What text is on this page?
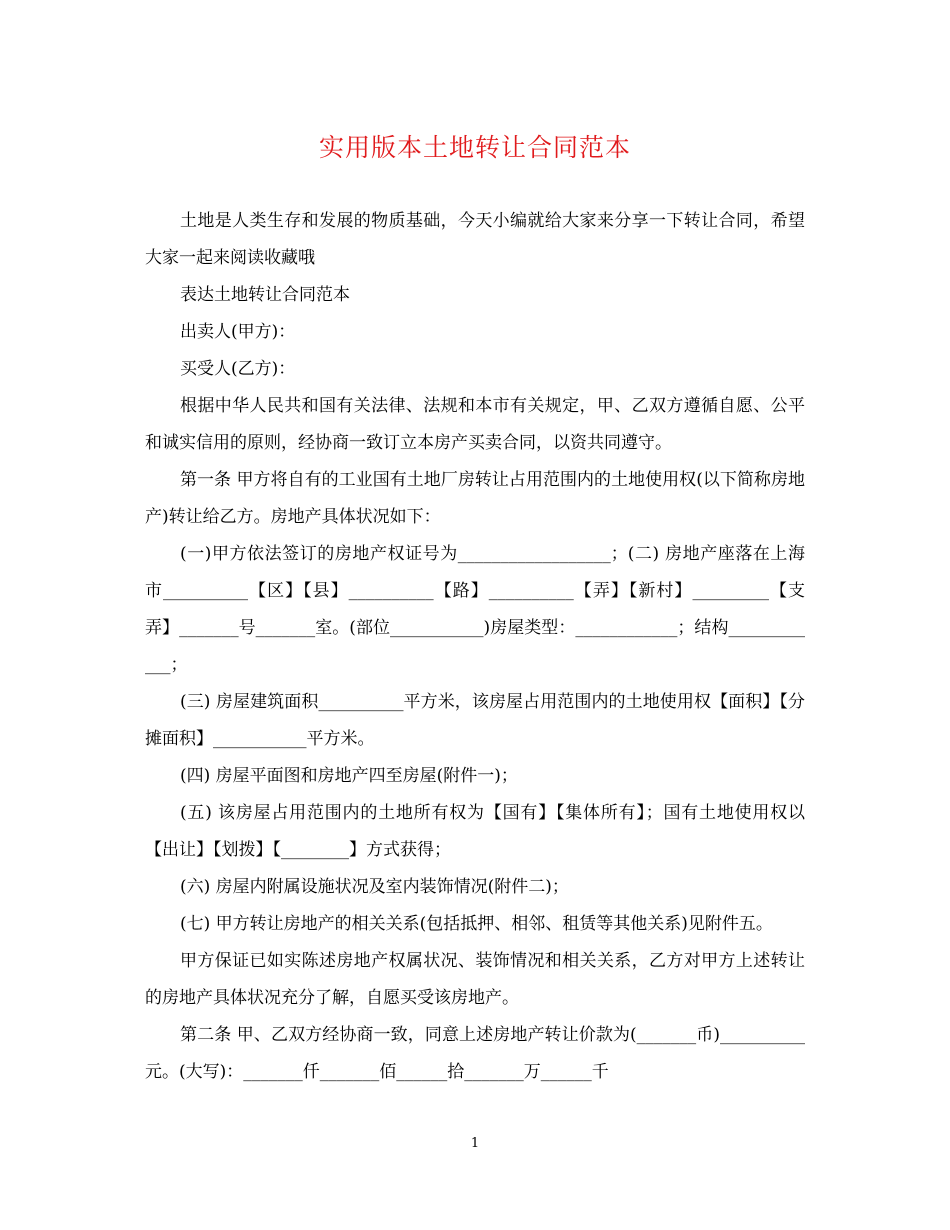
实用版本土地转让合同范本

土地是人类生存和发展的物质基础，今天小编就给大家来分享一下转让合同，希望大家一起来阅读收藏哦

表达土地转让合同范本

出卖人(甲方)：

买受人(乙方)：

根据中华人民共和国有关法律、法规和本市有关规定，甲、乙双方遵循自愿、公平和诚实信用的原则，经协商一致订立本房产买卖合同，以资共同遵守。

第一条 甲方将自有的工业国有土地厂房转让占用范围内的土地使用权(以下简称房地产)转让给乙方。房地产具体状况如下：

(一)甲方依法签订的房地产权证号为__________________；(二) 房地产座落在上海市__________【区】【县】__________【路】__________【弄】【新村】_________【支弄】_______号_______室。(部位___________)房屋类型：____________；结构____________；

(三) 房屋建筑面积__________平方米，该房屋占用范围内的土地使用权【面积】【分摊面积】___________平方米。

(四) 房屋平面图和房地产四至房屋(附件一)；

(五) 该房屋占用范围内的土地所有权为【国有】【集体所有】；国有土地使用权以【出让】【划拨】【________】方式获得；

(六) 房屋内附属设施状况及室内装饰情况(附件二)；

(七) 甲方转让房地产的相关关系(包括抵押、相邻、租赁等其他关系)见附件五。

甲方保证已如实陈述房地产权属状况、装饰情况和相关关系，乙方对甲方上述转让的房地产具体状况充分了解，自愿买受该房地产。

第二条 甲、乙双方经协商一致，同意上述房地产转让价款为(_______币)__________元。(大写)：_______仟_______佰______拾_______万______千

1
